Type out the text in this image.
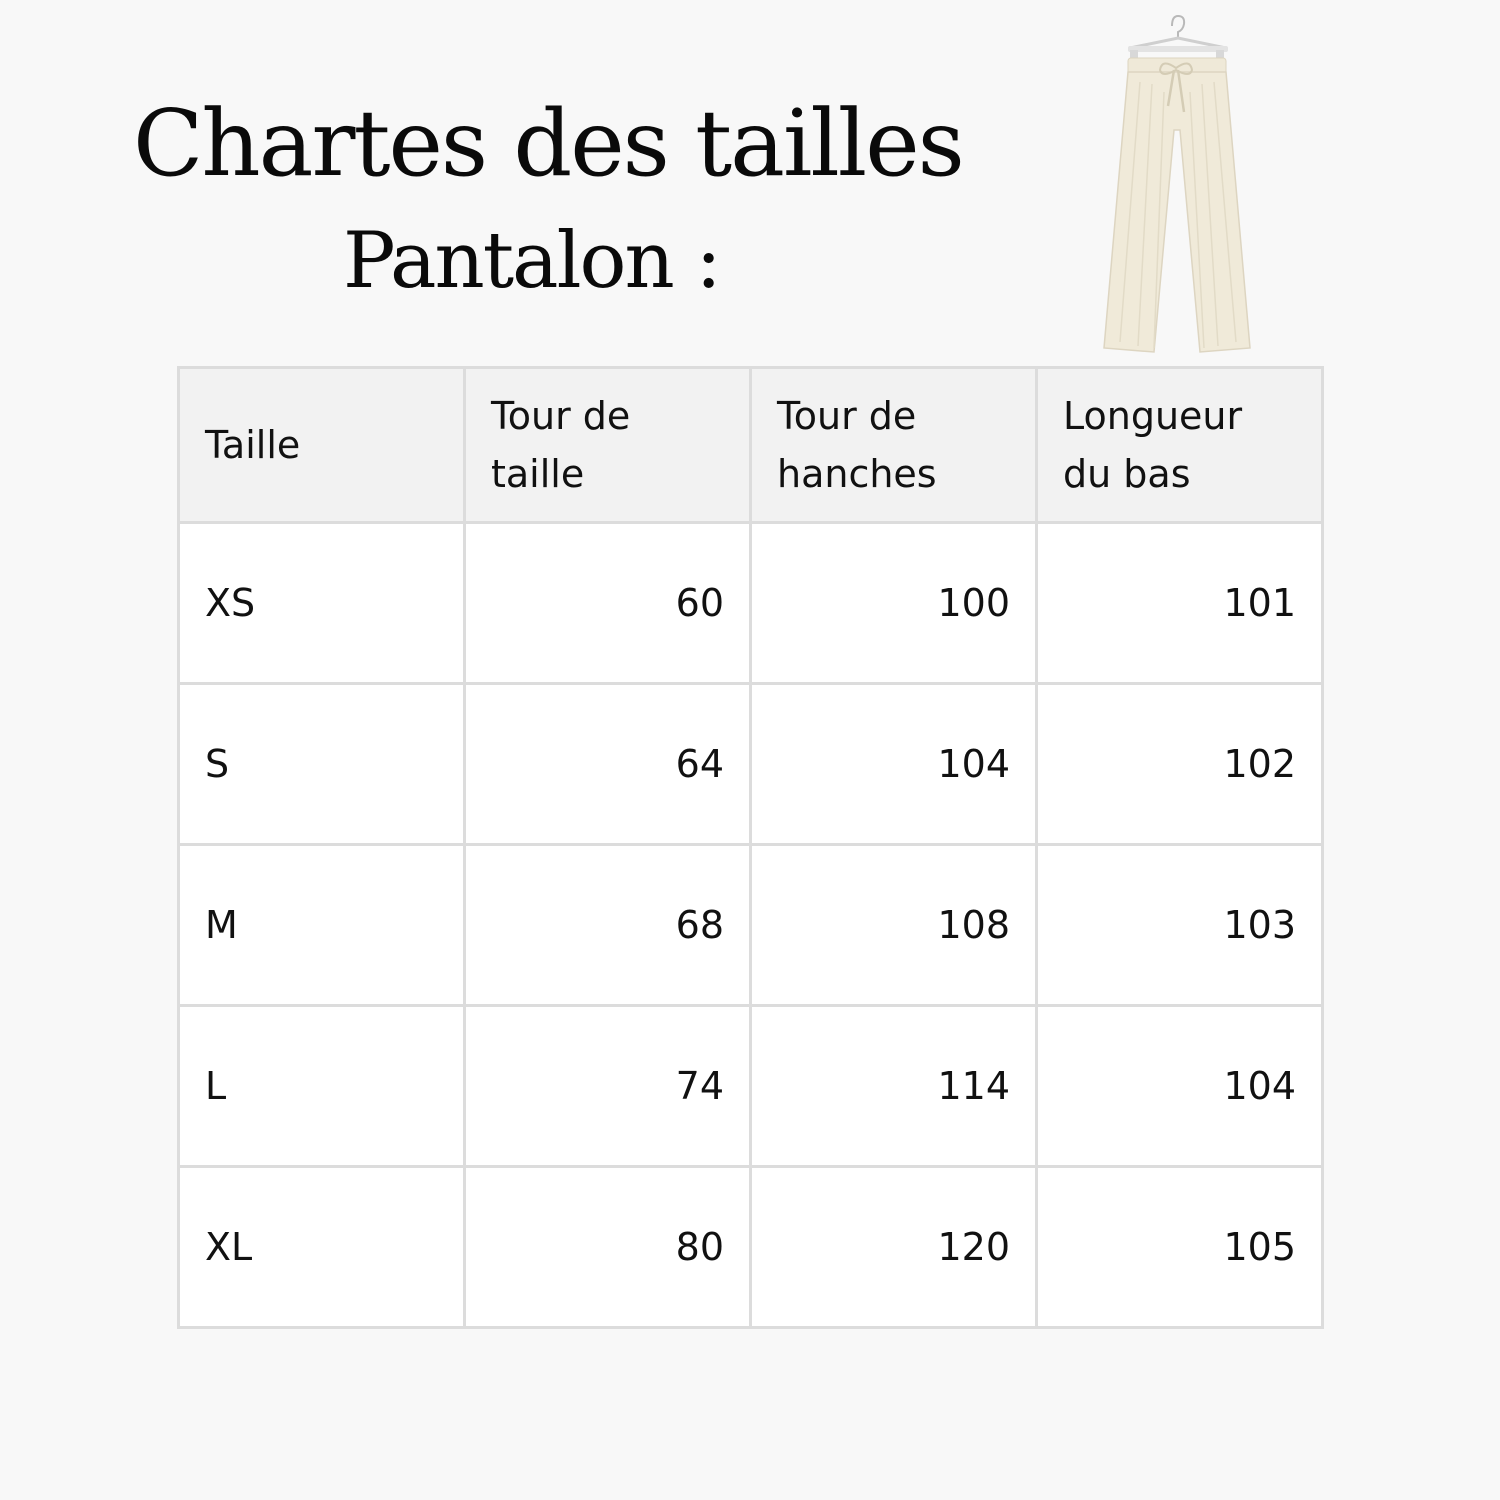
Chartes des tailles
Pantalon :
Taille	Tour de taille	Tour de hanches	Longueur du bas
XS	60	100	101
S	64	104	102
M	68	108	103
L	74	114	104
XL	80	120	105
